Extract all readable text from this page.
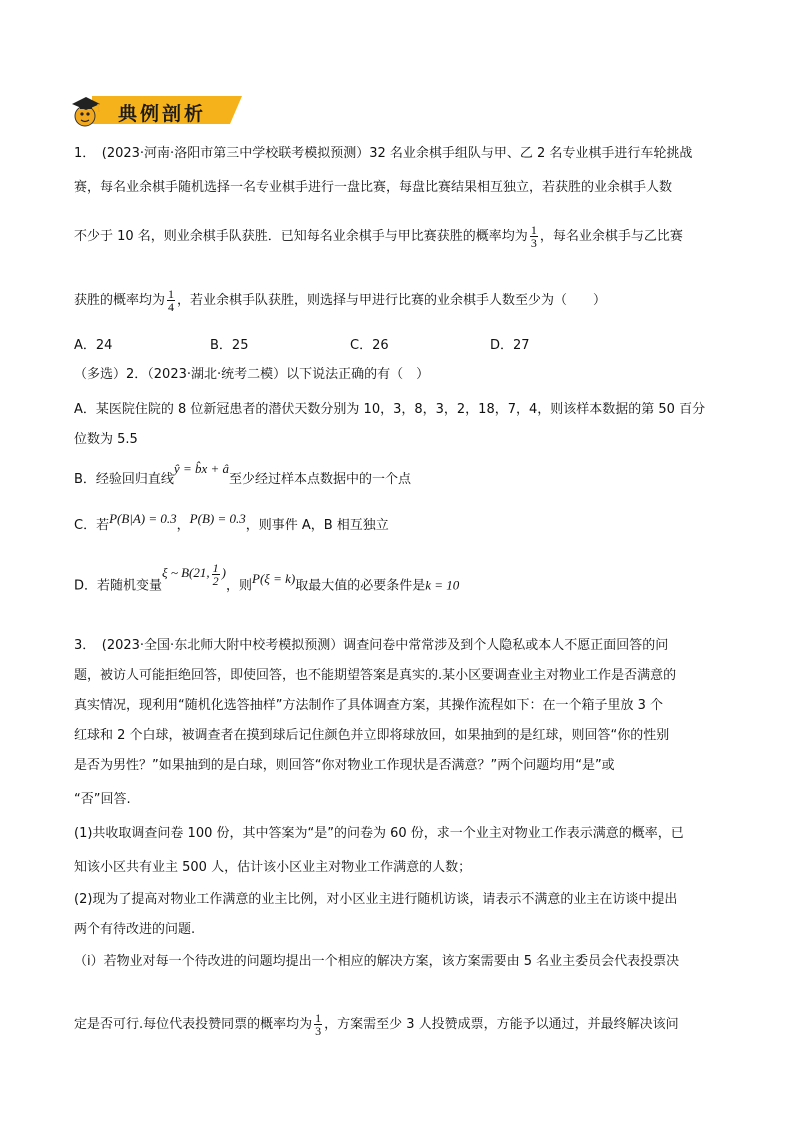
典例剖析
1．　(2023·河南·洛阳市第三中学校联考模拟预测）32 名业余棋手组队与甲、乙 2 名专业棋手进行车轮挑战
赛，每名业余棋手随机选择一名专业棋手进行一盘比赛，每盘比赛结果相互独立，若获胜的业余棋手人数
不少于 10 名，则业余棋手队获胜．已知每名业余棋手与甲比赛获胜的概率均为 $\frac{1}{3}$ ，每名业余棋手与乙比赛
获胜的概率均为 $\frac{1}{4}$ ，若业余棋手队获胜，则选择与甲进行比赛的业余棋手人数至少为（　　）
A．24	B．25	C．26	D．27
（多选）2．（2023·湖北·统考二模）以下说法正确的有（　）
A．某医院住院的 8 位新冠患者的潜伏天数分别为 10，3，8，3，2，18，7，4，则该样本数据的第 50 百分
位数为 5.5
B．经验回归直线ŷ = b̂x + â至少经过样本点数据中的一个点
C．若P(B|A) = 0.3，P(B) = 0.3，则事件 A，B 相互独立
D．若随机变量ξ ~ B(21, $\frac{1}{2}$ )，则P(ξ = k)取最大值的必要条件是k = 10
3．　(2023·全国·东北师大附中校考模拟预测）调查问卷中常常涉及到个人隐私或本人不愿正面回答的问
题，被访人可能拒绝回答，即使回答，也不能期望答案是真实的.某小区要调查业主对物业工作是否满意的
真实情况，现利用“随机化选答抽样”方法制作了具体调查方案，其操作流程如下：在一个箱子里放 3 个
红球和 2 个白球，被调查者在摸到球后记住颜色并立即将球放回，如果抽到的是红球，则回答“你的性别
是否为男性？”如果抽到的是白球，则回答“你对物业工作现状是否满意？”两个问题均用“是”或
“否”回答.
(1)共收取调查问卷 100 份，其中答案为“是”的问卷为 60 份，求一个业主对物业工作表示满意的概率，已
知该小区共有业主 500 人，估计该小区业主对物业工作满意的人数；
(2)现为了提高对物业工作满意的业主比例，对小区业主进行随机访谈，请表示不满意的业主在访谈中提出
两个有待改进的问题.
（i）若物业对每一个待改进的问题均提出一个相应的解决方案，该方案需要由 5 名业主委员会代表投票决
定是否可行.每位代表投赞同票的概率均为 $\frac{1}{3}$ ，方案需至少 3 人投赞成票，方能予以通过，并最终解决该问
